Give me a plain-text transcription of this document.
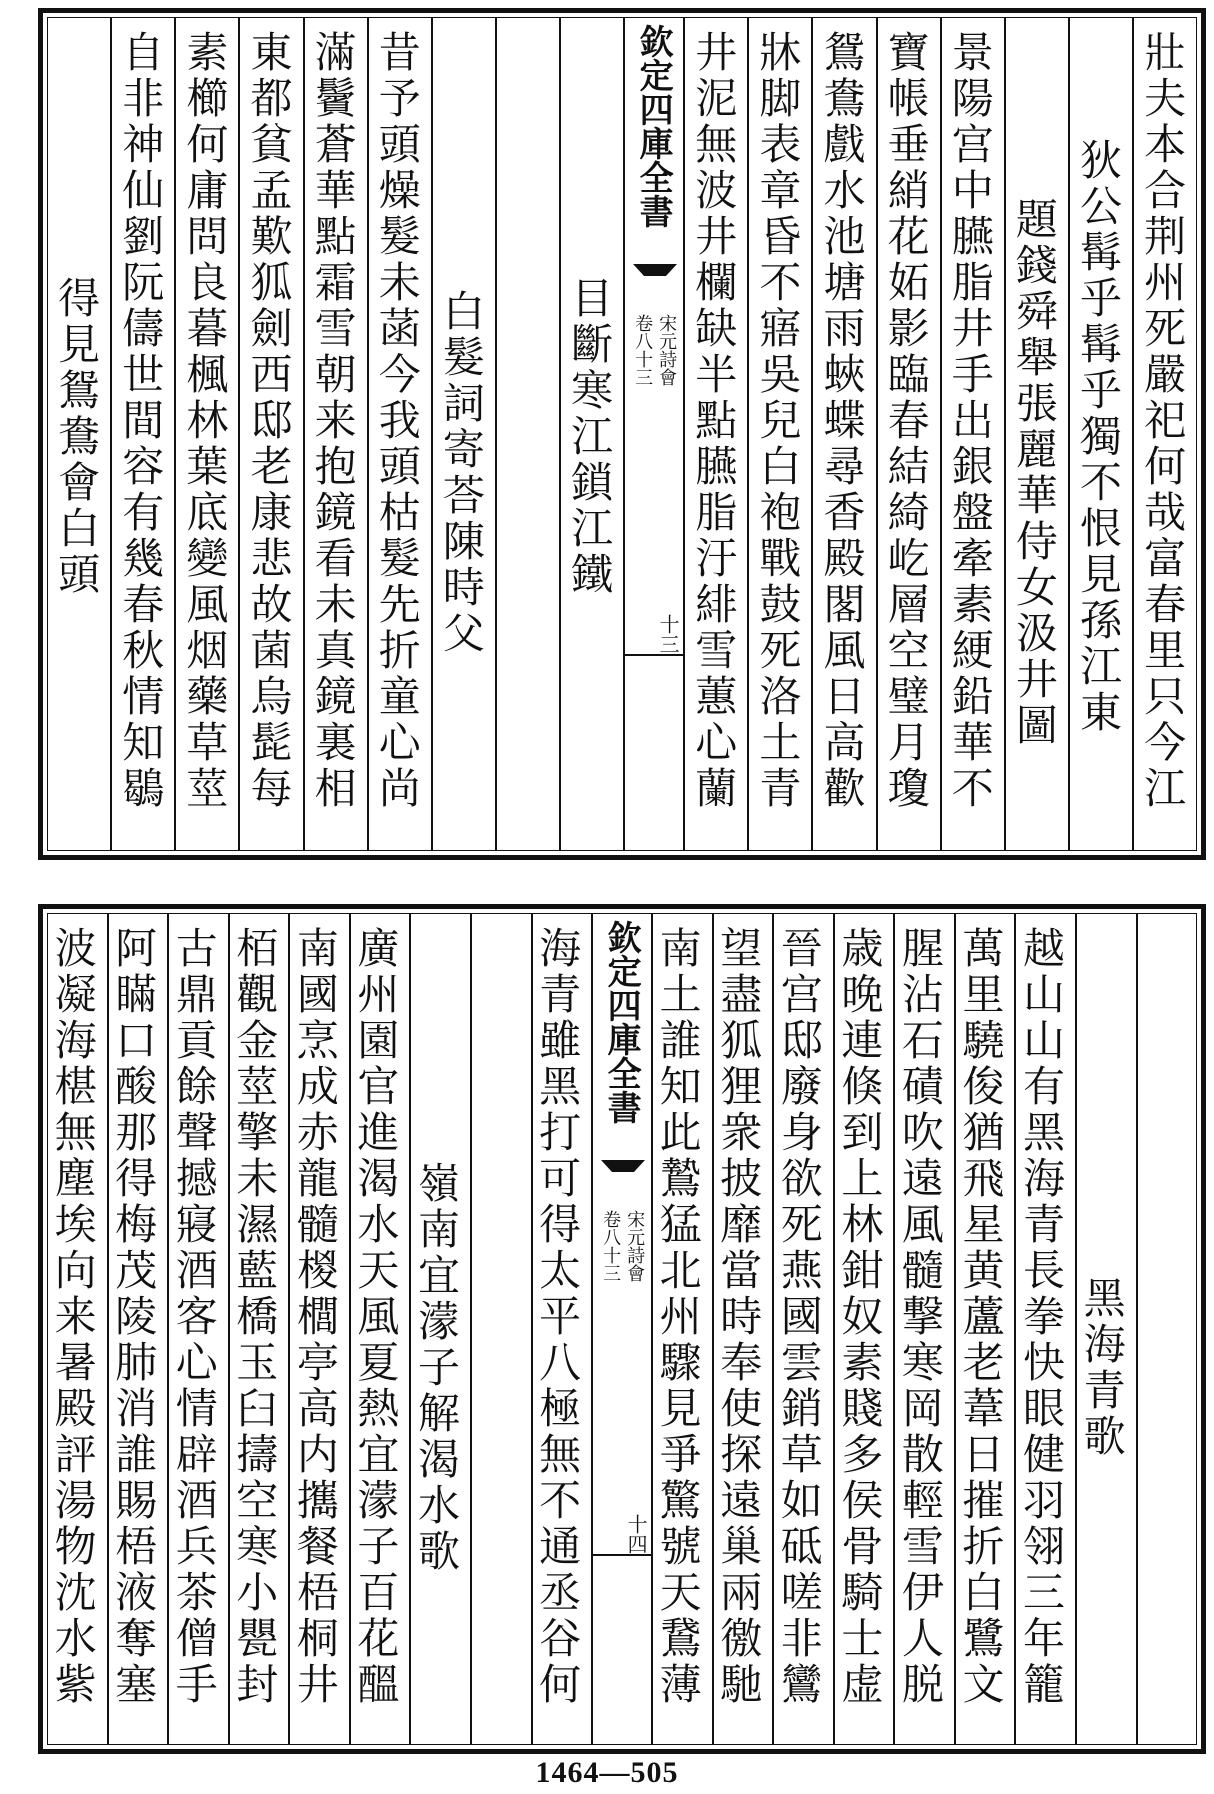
得見鴛鴦會白頭
自非神仙劉阮儔世間容有幾春秋情知鶡
素櫛何庸問良暮楓林葉底變風烟藥草莖
東都貧孟歎狐劍西邸老康悲故菌烏髭每
滿鬢蒼華點霜雪朝来抱鏡看未真鏡裏相
昔予頭燥髮未菡今我頭枯髮先折童心尚
白髮詞寄荅陳時父 目斷寒江鎖江鐵
欽定四庫全書
宋元詩會
卷八十三
十三
井泥無波井欄缺半點臙脂汙緋雪蕙心蘭
牀脚表章昏不寤吳兒白袍戰鼓死洛土青
鴛鴦戲水池塘雨蛺蝶尋香殿閣風日高歡
寶帳垂綃花妬影臨春結綺屹層空璧月瓊
景陽宫中臙脂井手出銀盤牽素綆鉛華不
題錢舜舉張麗華侍女汲井圖 狄公髯乎髯乎獨不恨見孫江東
壯夫本合荆州死嚴祀何哉富春里只今江
波凝海椹無塵埃向来暑殿評湯物沈水紫
阿瞞口酸那得梅茂陵肺消誰賜梧液奪塞
古鼎貢餘聲撼寢酒客心情辟酒兵茶僧手
栢觀金莖擎未濕藍橋玉臼擣空寒小甖封
南國烹成赤龍髓椶櫚亭高内𢹂餐梧桐井
廣州園官進渴水天風夏熱宜濛子百花醞
嶺南宜濛子解渴水歌
海青雖黑打可得太平八極無不通丞谷何
欽定四庫全書
宋元詩會
卷八十三
十四
南土誰知此鷙猛北州驟見爭驚號天鵞薄
望盡狐狸衆披靡當時奉使探遠巢兩徼馳
晉宫邸廢身欲死燕國雲銷草如砥嗟非鸞
歳晚連倏到上林鉗奴素賤多侯骨騎士虚
腥沾石磧吹遠風髓撃寒岡散輕雪伊人脱
萬里驍俊猶飛星黄蘆老葦日摧折白鷺文
越山山有黑海青長拳快眼健羽翎三年籠
黑海青歌
1464—505
